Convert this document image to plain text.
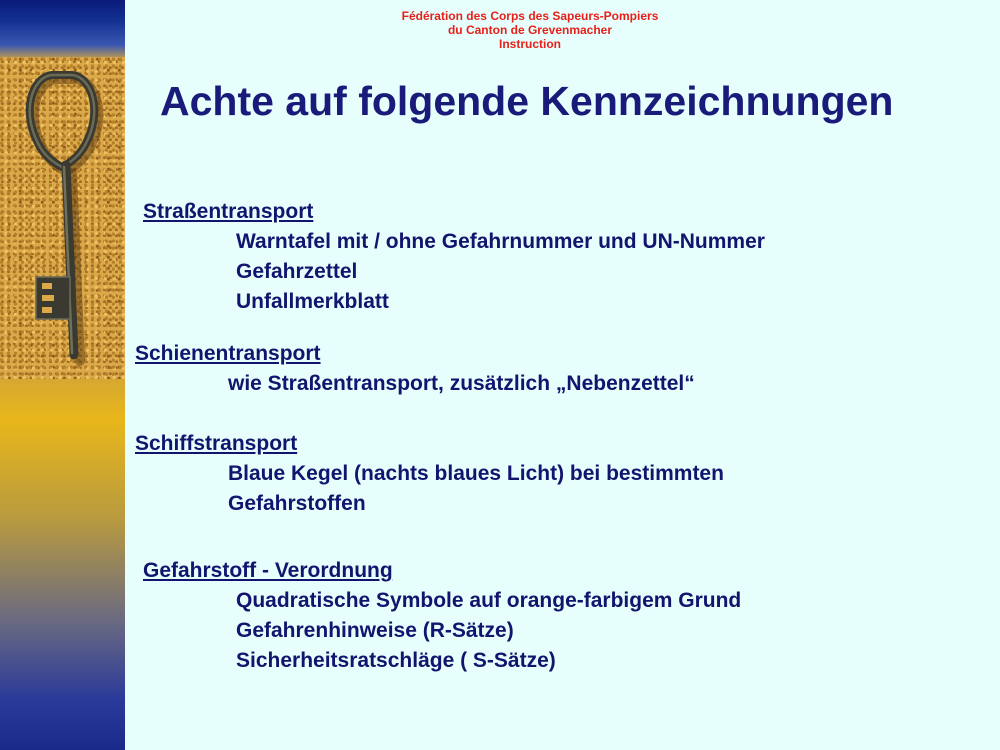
Fédération des Corps des Sapeurs-Pompiers
du Canton de Grevenmacher
Instruction
Achte auf folgende Kennzeichnungen
Straßentransport
Warntafel mit / ohne Gefahrnummer und UN-Nummer
Gefahrzettel
Unfallmerkblatt
Schienentransport
wie Straßentransport, zusätzlich „Nebenzettel“
Schiffstransport
Blaue Kegel (nachts blaues Licht) bei bestimmten
Gefahrstoffen
Gefahrstoff - Verordnung
Quadratische Symbole auf orange-farbigem Grund
Gefahrenhinweise (R-Sätze)
Sicherheitsratschläge ( S-Sätze)
